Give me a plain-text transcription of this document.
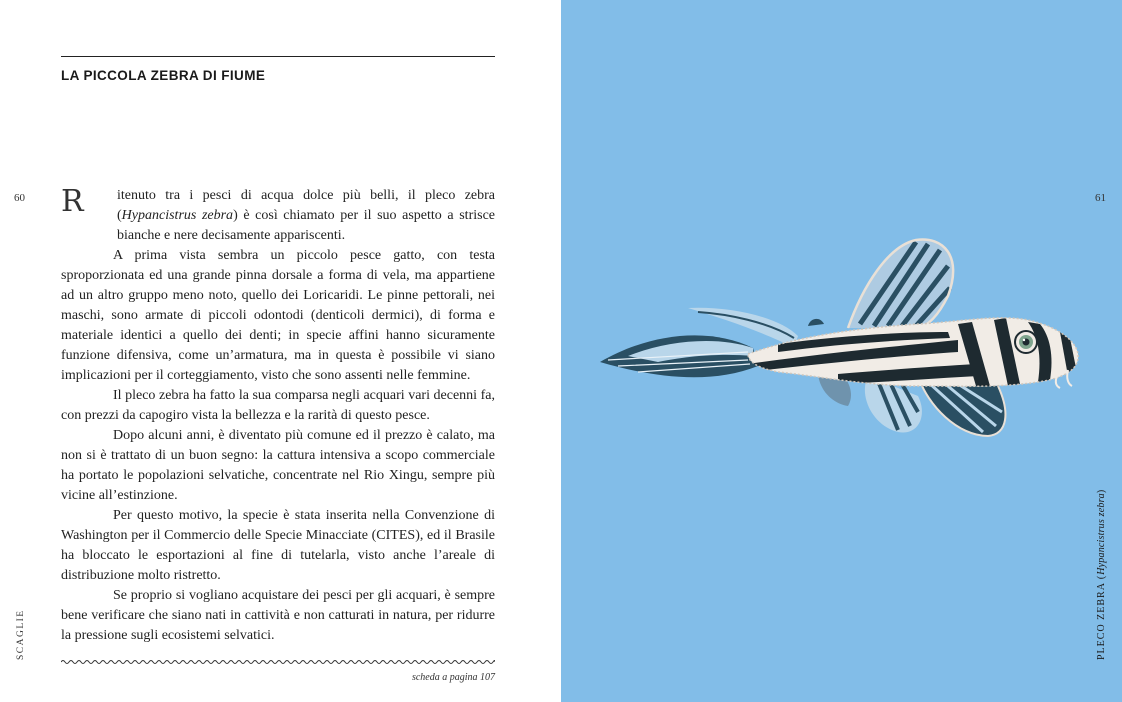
LA PICCOLA ZEBRA DI FIUME
60 R	itenuto tra i pesci di acqua dolce più belli, il pleco zebra (Hypancistrus zebra) è così chiamato per il suo aspetto a strisce bianche e nere decisamente appariscenti.

A prima vista sembra un piccolo pesce gatto, con testa sproporzionata ed una grande pinna dorsale a forma di vela, ma appartiene ad un altro gruppo meno noto, quello dei Loricaridi. Le pinne pettorali, nei maschi, sono armate di piccoli odontodi (denticoli dermici), di forma e materiale identici a quello dei denti; in specie affini hanno sicuramente funzione difensiva, come un’armatura, ma in questa è possibile vi siano implicazioni per il corteggiamento, visto che sono assenti nelle femmine.

Il pleco zebra ha fatto la sua comparsa negli acquari vari decenni fa, con prezzi da capogiro vista la bellezza e la rarità di questo pesce.

Dopo alcuni anni, è diventato più comune ed il prezzo è calato, ma non si è trattato di un buon segno: la cattura intensiva a scopo commerciale ha portato le popolazioni selvatiche, concentrate nel Rio Xingu, sempre più vicine all’estinzione.

Per questo motivo, la specie è stata inserita nella Convenzione di Washington per il Commercio delle Specie Minacciate (CITES), ed il Brasile ha bloccato le esportazioni al fine di tutelarla, visto anche l’areale di distribuzione molto ristretto.

Se proprio si vogliano acquistare dei pesci per gli acquari, è sempre bene verificare che siano nati in cattività e non catturati in natura, per ridurre la pressione sugli ecosistemi selvatici.

scheda a pagina 107
SCAGLIE
61
PLECO ZEBRA (Hypancistrus zebra)
